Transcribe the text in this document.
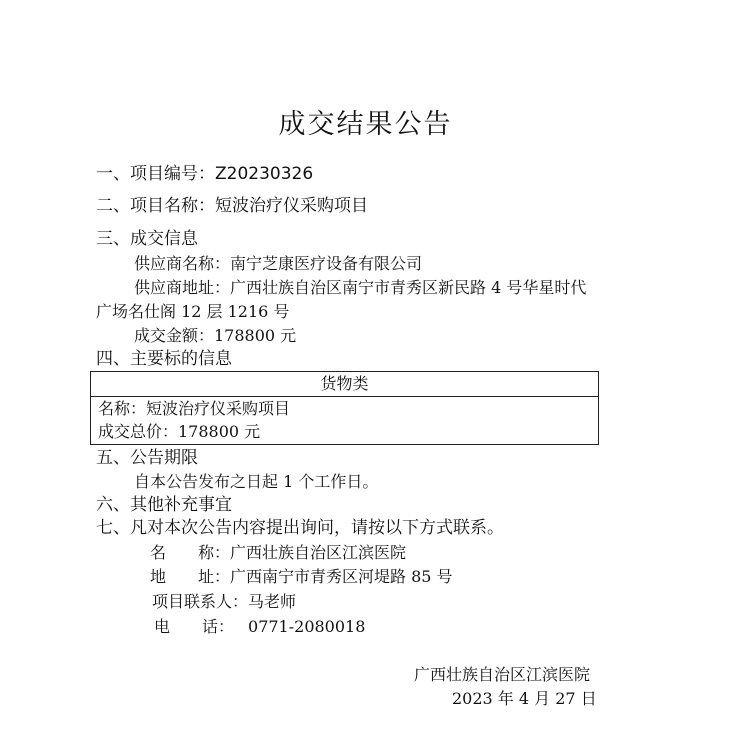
成交结果公告
一、项目编号：Z20230326
二、项目名称：短波治疗仪采购项目
三、成交信息
供应商名称：南宁芝康医疗设备有限公司
供应商地址：广西壮族自治区南宁市青秀区新民路 4 号华星时代
广场名仕阁 12 层 1216 号
成交金额：178800 元
四、主要标的信息
货物类
名称：短波治疗仪采购项目
成交总价：178800 元
五、公告期限
自本公告发布之日起 1 个工作日。
六、其他补充事宜
七、凡对本次公告内容提出询问，请按以下方式联系。
名　　称：广西壮族自治区江滨医院
地　　址：广西南宁市青秀区河堤路 85 号
项目联系人：马老师
电　　话： 0771-2080018
广西壮族自治区江滨医院
2023 年 4 月 27 日
